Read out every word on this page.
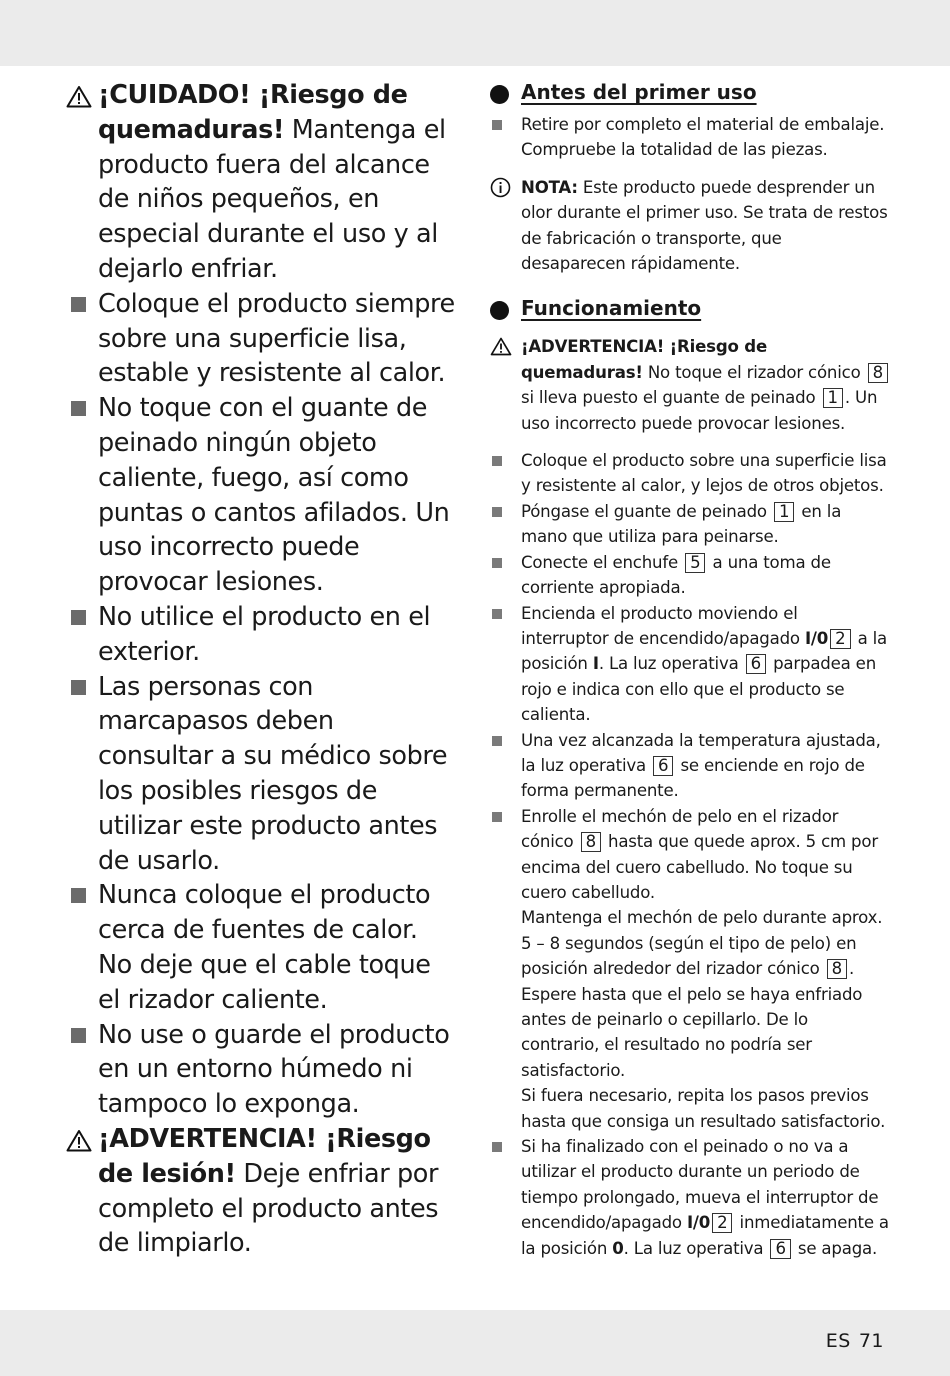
¡CUIDADO! ¡Riesgo de quemaduras! Mantenga el producto fuera del alcance de niños pequeños, en especial durante el uso y al dejarlo enfriar.

Coloque el producto siempre sobre una superficie lisa, estable y resistente al calor.

No toque con el guante de peinado ningún objeto caliente, fuego, así como puntas o cantos afilados. Un uso incorrecto puede provocar lesiones.

No utilice el producto en el exterior.

Las personas con marcapasos deben consultar a su médico sobre los posibles riesgos de utilizar este producto antes de usarlo.

Nunca coloque el producto cerca de fuentes de calor. No deje que el cable toque el rizador caliente.

No use o guarde el producto en un entorno húmedo ni tampoco lo exponga.

¡ADVERTENCIA! ¡Riesgo de lesión! Deje enfriar por completo el producto antes de limpiarlo.

Antes del primer uso

Retire por completo el material de embalaje. Compruebe la totalidad de las piezas.

NOTA: Este producto puede desprender un olor durante el primer uso. Se trata de restos de fabricación o transporte, que desaparecen rápidamente.

Funcionamiento

¡ADVERTENCIA! ¡Riesgo de quemaduras! No toque el rizador cónico 8 si lleva puesto el guante de peinado 1 . Un uso incorrecto puede provocar lesiones.

Coloque el producto sobre una superficie lisa y resistente al calor, y lejos de otros objetos.

Póngase el guante de peinado 1 en la mano que utiliza para peinarse.

Conecte el enchufe 5 a una toma de corriente apropiada.

Encienda el producto moviendo el interruptor de encendido/apagado I/0 2 a la posición I. La luz operativa 6 parpadea en rojo e indica con ello que el producto se calienta.

Una vez alcanzada la temperatura ajustada, la luz operativa 6 se enciende en rojo de forma permanente.

Enrolle el mechón de pelo en el rizador cónico 8 hasta que quede aprox. 5 cm por encima del cuero cabelludo. No toque su cuero cabelludo.
Mantenga el mechón de pelo durante aprox. 5 – 8 segundos (según el tipo de pelo) en posición alrededor del rizador cónico 8 .
Espere hasta que el pelo se haya enfriado antes de peinarlo o cepillarlo. De lo contrario, el resultado no podría ser satisfactorio.
Si fuera necesario, repita los pasos previos hasta que consiga un resultado satisfactorio.

Si ha finalizado con el peinado o no va a utilizar el producto durante un periodo de tiempo prolongado, mueva el interruptor de encendido/apagado I/0 2 inmediatamente a la posición 0. La luz operativa 6 se apaga.

ES 71
